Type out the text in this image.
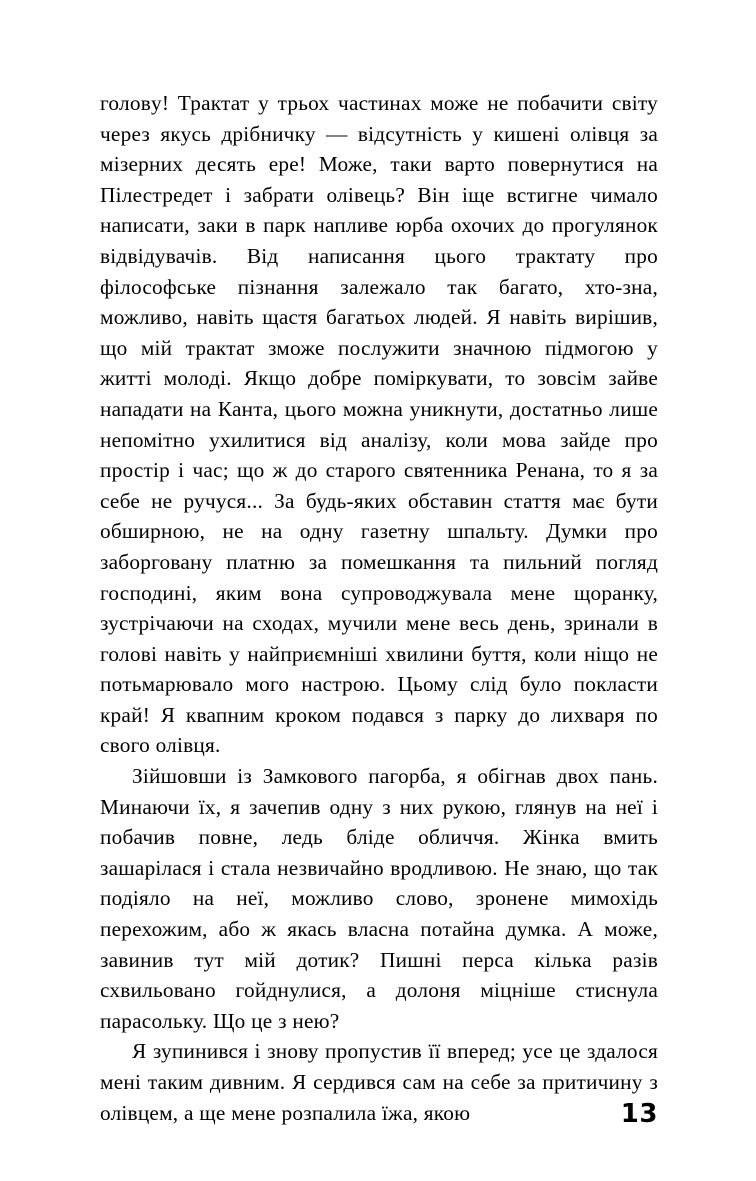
головy! Трактат у трьох частинах може не побачити світу через якусь дрібничку — відсутність у кишені олівця за мізерних десять ере! Може, таки варто повернутися на Пілестредет і забрати олівець? Він іще встигне чимало написати, заки в парк напливе юрба охочих до прогулянок відвідувачів. Від написання цього трактату про філософське пізнання залежало так багато, хто-зна, можливо, навіть щастя багатьох людей. Я навіть вирішив, що мій трактат зможе послужити значною підмогою у житті молоді. Якщо добре поміркувати, то зовсім зайве нападати на Канта, цього можна уникнути, достатньо лише непомітно ухилитися від аналізу, коли мова зайде про простір і час; що ж до старого святенника Ренана, то я за себе не ручуся... За будь-яких обставин стаття має бути обширною, не на одну газетну шпальту. Думки про заборговану платню за помешкання та пильний погляд господині, яким вона супроводжувала мене щоранку, зустрічаючи на сходах, мучили мене весь день, зринали в голові навіть у найприємніші хвилини буття, коли ніщо не потьмарювало мого настрою. Цьому слід було покласти край! Я квапним кроком подався з парку до лихваря по свого олівця.

Зійшовши із Замкового пагорба, я обігнав двох пань. Минаючи їх, я зачепив одну з них рукою, глянув на неї і побачив повне, ледь бліде обличчя. Жінка вмить зашарілася і стала незвичайно вродливою. Не знаю, що так подіяло на неї, можливо слово, зронене мимохідь перехожим, або ж якась власна потайна думка. А може, завинив тут мій дотик? Пишні перса кілька разів схвильовано гойднулися, а долоня міцніше стиснула парасольку. Що це з нею?

Я зупинився і знову пропустив її вперед; усе це здалося мені таким дивним. Я сердився сам на себе за притичину з олівцем, а ще мене розпалила їжа, якою	13
